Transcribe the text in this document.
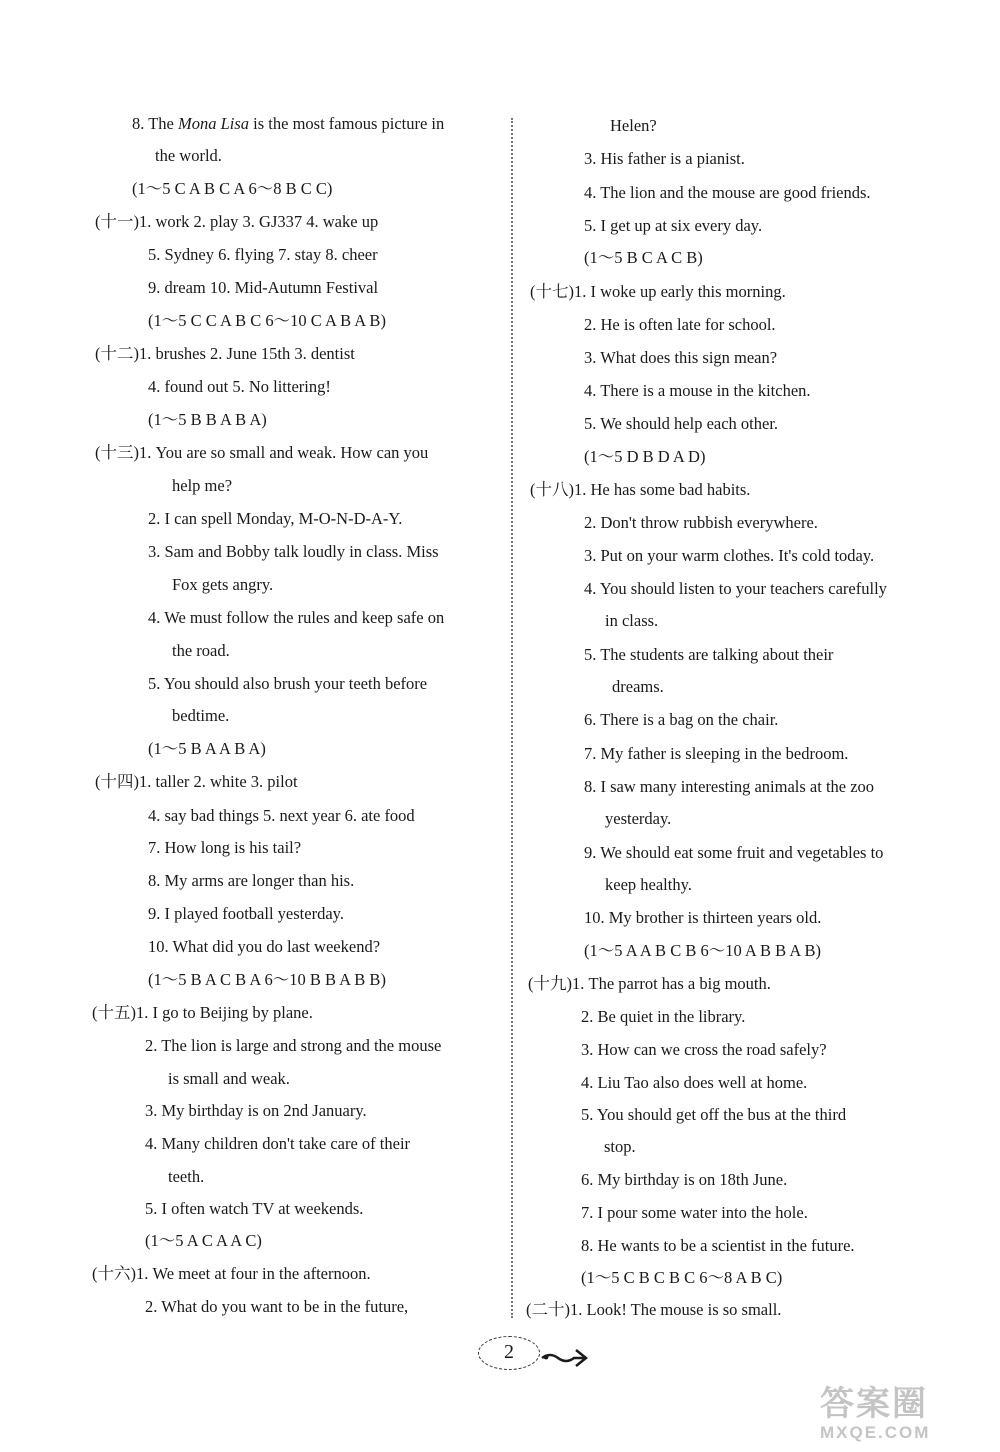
8. The Mona Lisa is the most famous picture in
the world.
(1～5 C A B C A 6～8 B C C)
(十一)1. work 2. play 3. GJ337 4. wake up
5. Sydney 6. flying 7. stay 8. cheer
9. dream 10. Mid-Autumn Festival
(1～5 C C A B C 6～10 C A B A B)
(十二)1. brushes 2. June 15th 3. dentist
4. found out 5. No littering!
(1～5 B B A B A)
(十三)1. You are so small and weak. How can you
help me?
2. I can spell Monday, M-O-N-D-A-Y.
3. Sam and Bobby talk loudly in class. Miss
Fox gets angry.
4. We must follow the rules and keep safe on
the road.
5. You should also brush your teeth before
bedtime.
(1～5 B A A B A)
(十四)1. taller 2. white 3. pilot
4. say bad things 5. next year 6. ate food
7. How long is his tail?
8. My arms are longer than his.
9. I played football yesterday.
10. What did you do last weekend?
(1～5 B A C B A 6～10 B B A B B)
(十五)1. I go to Beijing by plane.
2. The lion is large and strong and the mouse
is small and weak.
3. My birthday is on 2nd January.
4. Many children don't take care of their
teeth.
5. I often watch TV at weekends.
(1～5 A C A A C)
(十六)1. We meet at four in the afternoon.
2. What do you want to be in the future,
Helen?
3. His father is a pianist.
4. The lion and the mouse are good friends.
5. I get up at six every day.
(1～5 B C A C B)
(十七)1. I woke up early this morning.
2. He is often late for school.
3. What does this sign mean?
4. There is a mouse in the kitchen.
5. We should help each other.
(1～5 D B D A D)
(十八)1. He has some bad habits.
2. Don't throw rubbish everywhere.
3. Put on your warm clothes. It's cold today.
4. You should listen to your teachers carefully
in class.
5. The students are talking about their
dreams.
6. There is a bag on the chair.
7. My father is sleeping in the bedroom.
8. I saw many interesting animals at the zoo
yesterday.
9. We should eat some fruit and vegetables to
keep healthy.
10. My brother is thirteen years old.
(1～5 A A B C B 6～10 A B B A B)
(十九)1. The parrot has a big mouth.
2. Be quiet in the library.
3. How can we cross the road safely?
4. Liu Tao also does well at home.
5. You should get off the bus at the third
stop.
6. My birthday is on 18th June.
7. I pour some water into the hole.
8. He wants to be a scientist in the future.
(1～5 C B C B C 6～8 A B C)
(二十)1. Look! The mouse is so small.
2
答案圈
MXQE.COM
